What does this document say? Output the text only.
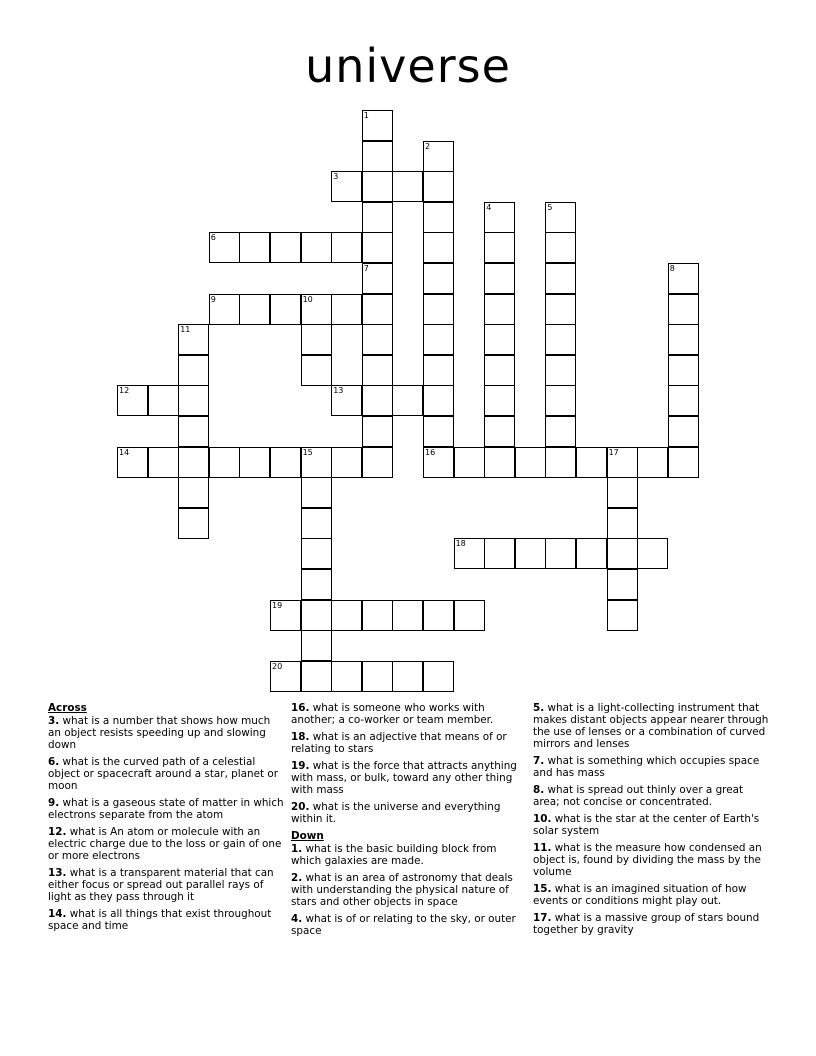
universe
1
7
2
16
3
4	5
6
8
9	10
11
12	13
14	15	17
18
19
20
Across
3. what is a number that shows how much an object resists speeding up and slowing down
6. what is the curved path of a celestial object or spacecraft around a star, planet or moon
9. what is a gaseous state of matter in which electrons separate from the atom
12. what is An atom or molecule with an electric charge due to the loss or gain of one or more electrons
13. what is a transparent material that can either focus or spread out parallel rays of light as they pass through it
14. what is all things that exist throughout space and time
16. what is someone who works with another; a co-worker or team member.
18. what is an adjective that means of or relating to stars
19. what is the force that attracts anything with mass, or bulk, toward any other thing with mass
20. what is the universe and everything within it.
Down
1. what is the basic building block from which galaxies are made.
2. what is an area of astronomy that deals with understanding the physical nature of stars and other objects in space
4. what is of or relating to the sky, or outer space
5. what is a light-collecting instrument that makes distant objects appear nearer through the use of lenses or a combination of curved mirrors and lenses
7. what is something which occupies space and has mass
8. what is spread out thinly over a great area; not concise or concentrated.
10. what is the star at the center of Earth's solar system
11. what is the measure how condensed an object is, found by dividing the mass by the volume
15. what is an imagined situation of how events or conditions might play out.
17. what is a massive group of stars bound together by gravity
